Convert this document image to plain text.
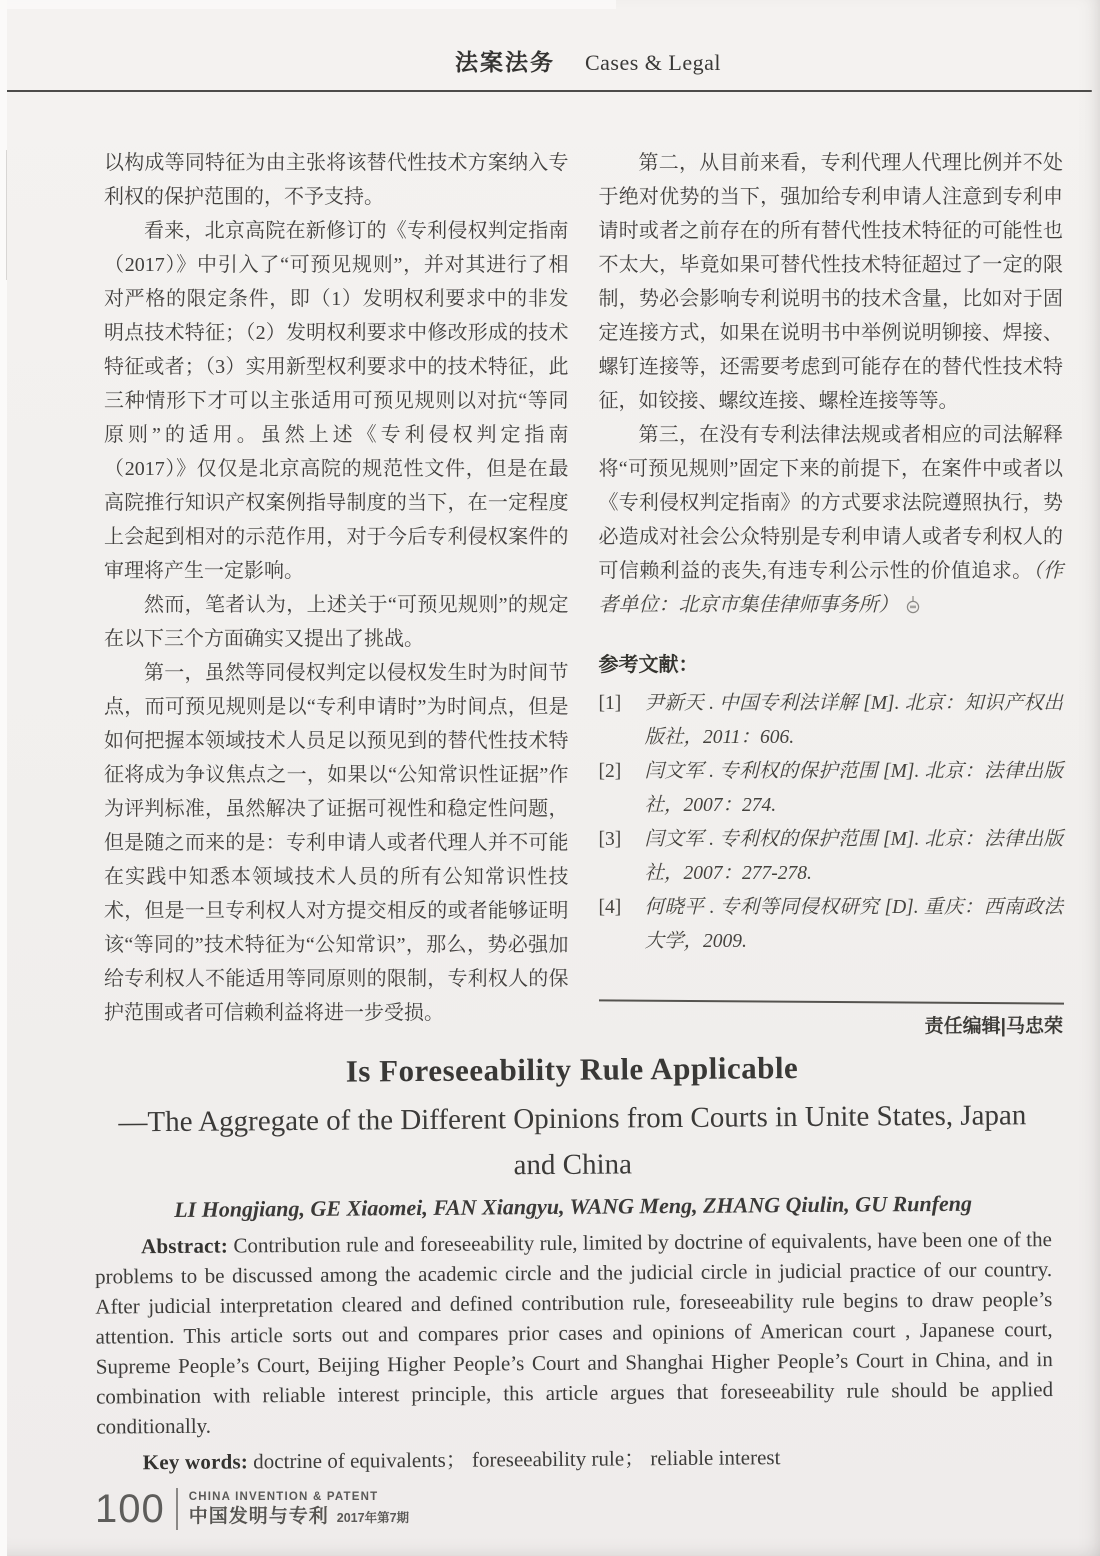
法案法务 Cases & Legal

以构成等同特征为由主张将该替代性技术方案纳入专利权的保护范围的，不予支持。

看来，北京高院在新修订的《专利侵权判定指南（2017）》中引入了“可预见规则”，并对其进行了相对严格的限定条件，即（1）发明权利要求中的非发明点技术特征；（2）发明权利要求中修改形成的技术特征或者；（3）实用新型权利要求中的技术特征，此三种情形下才可以主张适用可预见规则以对抗“等同原则”的适用。虽然上述《专利侵权判定指南（2017）》仅仅是北京高院的规范性文件，但是在最高院推行知识产权案例指导制度的当下，在一定程度上会起到相对的示范作用，对于今后专利侵权案件的审理将产生一定影响。

然而，笔者认为，上述关于“可预见规则”的规定在以下三个方面确实又提出了挑战。

第一，虽然等同侵权判定以侵权发生时为时间节点，而可预见规则是以“专利申请时”为时间点，但是如何把握本领域技术人员足以预见到的替代性技术特征将成为争议焦点之一，如果以“公知常识性证据”作为评判标准，虽然解决了证据可视性和稳定性问题，但是随之而来的是：专利申请人或者代理人并不可能在实践中知悉本领域技术人员的所有公知常识性技术，但是一旦专利权人对方提交相反的或者能够证明该“等同的”技术特征为“公知常识”，那么，势必强加给专利权人不能适用等同原则的限制，专利权人的保护范围或者可信赖利益将进一步受损。

第二，从目前来看，专利代理人代理比例并不处于绝对优势的当下，强加给专利申请人注意到专利申请时或者之前存在的所有替代性技术特征的可能性也不太大，毕竟如果可替代性技术特征超过了一定的限制，势必会影响专利说明书的技术含量，比如对于固定连接方式，如果在说明书中举例说明铆接、焊接、螺钉连接等，还需要考虑到可能存在的替代性技术特征，如铰接、螺纹连接、螺栓连接等等。

第三，在没有专利法律法规或者相应的司法解释将“可预见规则”固定下来的前提下，在案件中或者以《专利侵权判定指南》的方式要求法院遵照执行，势必造成对社会公众特别是专利申请人或者专利权人的可信赖利益的丧失,有违专利公示性的价值追求。（作者单位：北京市集佳律师事务所）

参考文献：
[1]	尹新天 . 中国专利法详解 [M]. 北京：知识产权出版社，2011：606.
[2]	闫文军 . 专利权的保护范围 [M]. 北京：法律出版社，2007：274.
[3]	闫文军 . 专利权的保护范围 [M]. 北京：法律出版社，2007：277-278.
[4]	何晓平 . 专利等同侵权研究 [D]. 重庆：西南政法大学，2009.
责任编辑|马忠荣
Is Foreseeability Rule Applicable
—The Aggregate of the Different Opinions from Courts in Unite States, Japan and China
LI Hongjiang, GE Xiaomei, FAN Xiangyu, WANG Meng, ZHANG Qiulin, GU Runfeng

Abstract: Contribution rule and foreseeability rule, limited by doctrine of equivalents, have been one of the problems to be discussed among the academic circle and the judicial circle in judicial practice of our country. After judicial interpretation cleared and defined contribution rule, foreseeability rule begins to draw people’s attention. This article sorts out and compares prior cases and opinions of American court , Japanese court, Supreme People’s Court, Beijing Higher People’s Court and Shanghai Higher People’s Court in China, and in combination with reliable interest principle, this article argues that foreseeability rule should be applied conditionally.

Key words: doctrine of equivalents； foreseeability rule； reliable interest

100 CHINA INVENTION & PATENT
中国发明与专利 2017年第7期
